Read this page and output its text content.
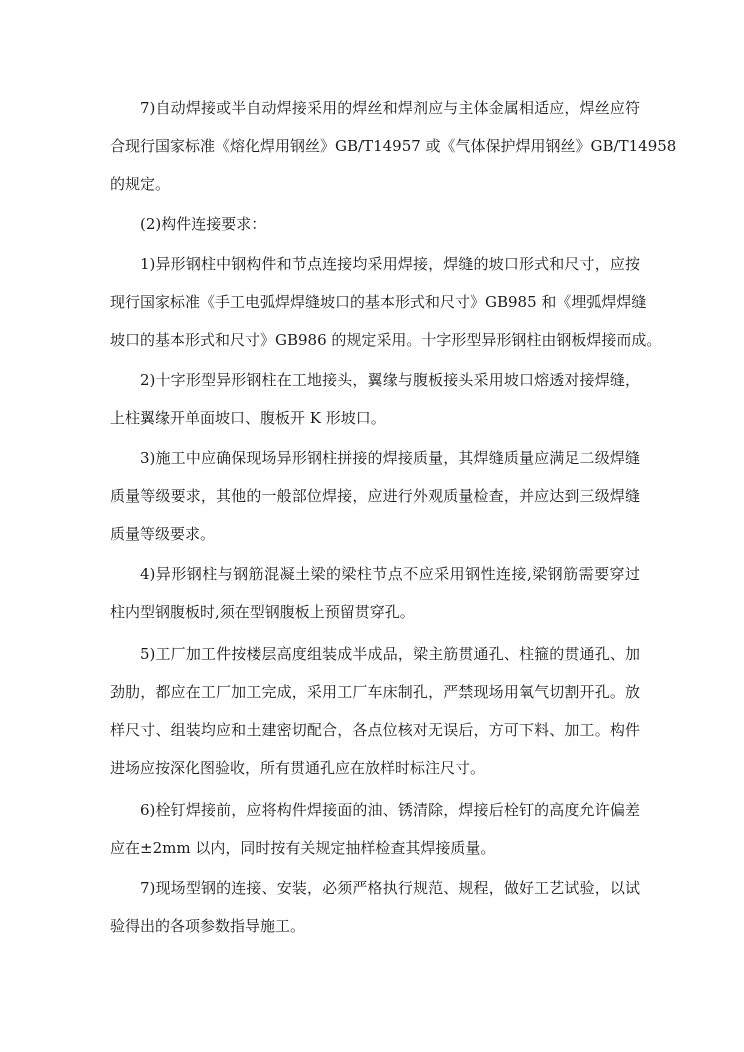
7)自动焊接或半自动焊接采用的焊丝和焊剂应与主体金属相适应，焊丝应符
合现行国家标准《熔化焊用钢丝》GB/T14957 或《气体保护焊用钢丝》GB/T14958
的规定。
(2)构件连接要求：
1)异形钢柱中钢构件和节点连接均采用焊接，焊缝的坡口形式和尺寸，应按
现行国家标准《手工电弧焊焊缝坡口的基本形式和尺寸》GB985 和《埋弧焊焊缝
坡口的基本形式和尺寸》GB986 的规定采用。十字形型异形钢柱由钢板焊接而成。
2)十字形型异形钢柱在工地接头，翼缘与腹板接头采用坡口熔透对接焊缝，
上柱翼缘开单面坡口、腹板开 K 形坡口。
3)施工中应确保现场异形钢柱拼接的焊接质量，其焊缝质量应满足二级焊缝
质量等级要求，其他的一般部位焊接，应进行外观质量检查，并应达到三级焊缝
质量等级要求。
4)异形钢柱与钢筋混凝土梁的梁柱节点不应采用钢性连接,梁钢筋需要穿过
柱内型钢腹板时,须在型钢腹板上预留贯穿孔。
5)工厂加工件按楼层高度组装成半成品，梁主筋贯通孔、柱箍的贯通孔、加
劲肋，都应在工厂加工完成，采用工厂车床制孔，严禁现场用氧气切割开孔。放
样尺寸、组装均应和土建密切配合，各点位核对无误后，方可下料、加工。构件
进场应按深化图验收，所有贯通孔应在放样时标注尺寸。
6)栓钉焊接前，应将构件焊接面的油、锈清除，焊接后栓钉的高度允许偏差
应在±2mm 以内，同时按有关规定抽样检查其焊接质量。
7)现场型钢的连接、安装，必须严格执行规范、规程，做好工艺试验，以试
验得出的各项参数指导施工。
